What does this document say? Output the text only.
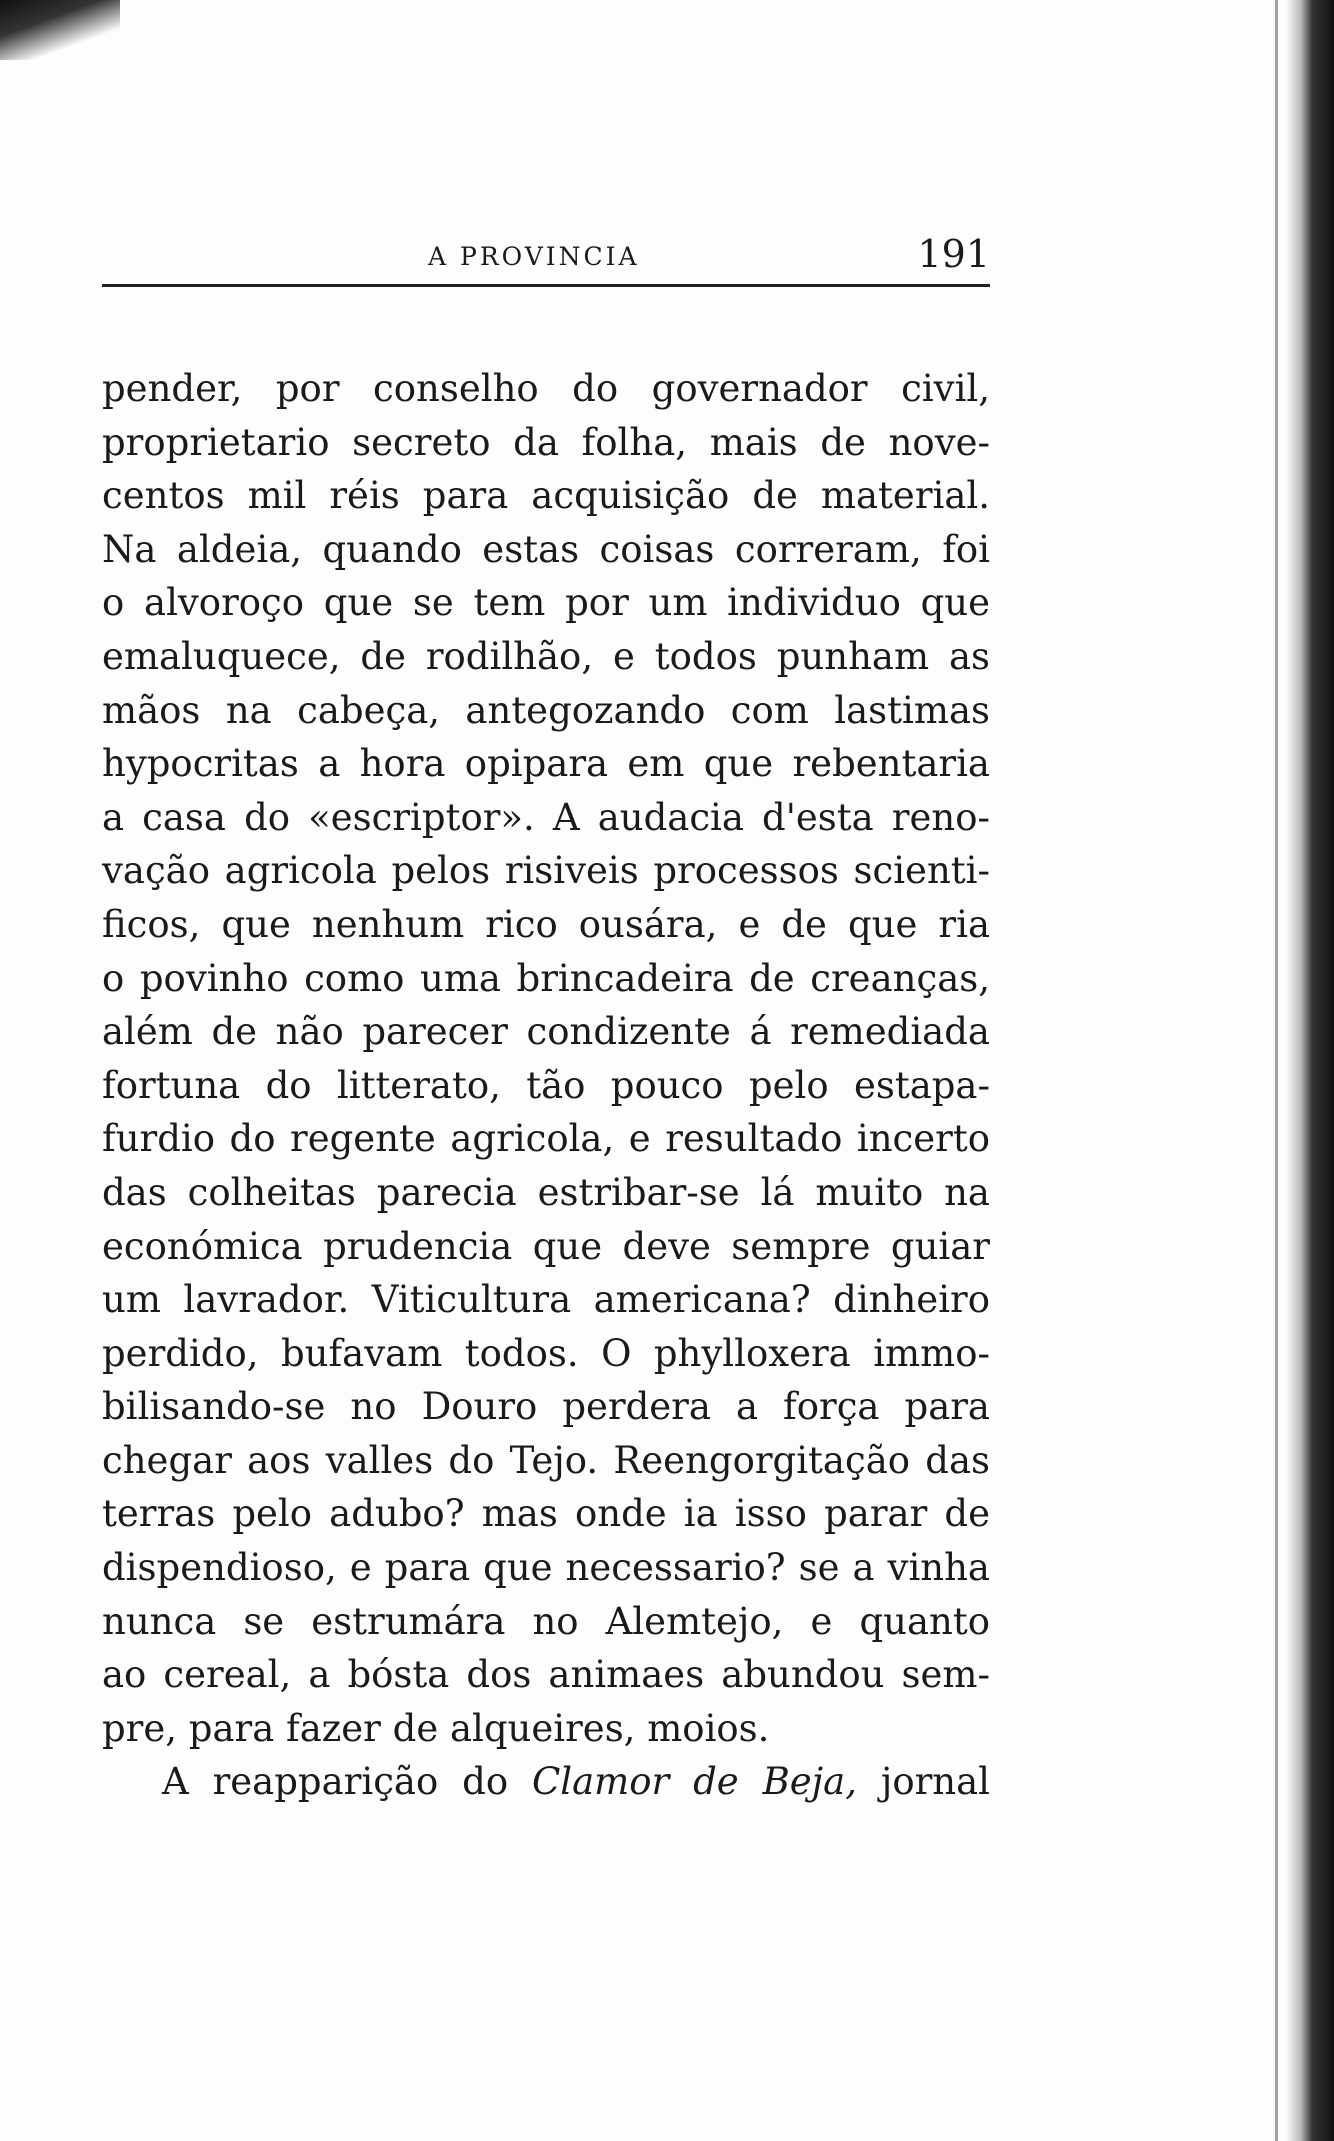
A PROVINCIA	191
pender, por conselho do governador civil,
proprietario secreto da folha, mais de nove-
centos mil réis para acquisição de material.
Na aldeia, quando estas coisas correram, foi
o alvoroço que se tem por um individuo que
emaluquece, de rodilhão, e todos punham as
mãos na cabeça, antegozando com lastimas
hypocritas a hora opipara em que rebentaria
a casa do «escriptor». A audacia d'esta reno-
vação agricola pelos risiveis processos scienti-
ficos, que nenhum rico ousára, e de que ria
o povinho como uma brincadeira de creanças,
além de não parecer condizente á remediada
fortuna do litterato, tão pouco pelo estapa-
furdio do regente agricola, e resultado incerto
das colheitas parecia estribar-se lá muito na
económica prudencia que deve sempre guiar
um lavrador. Viticultura americana? dinheiro
perdido, bufavam todos. O phylloxera immo-
bilisando-se no Douro perdera a força para
chegar aos valles do Tejo. Reengorgitação das
terras pelo adubo? mas onde ia isso parar de
dispendioso, e para que necessario? se a vinha
nunca se estrumára no Alemtejo, e quanto
ao cereal, a bósta dos animaes abundou sem-
pre, para fazer de alqueires, moios.
A reapparição do Clamor de Beja, jornal
